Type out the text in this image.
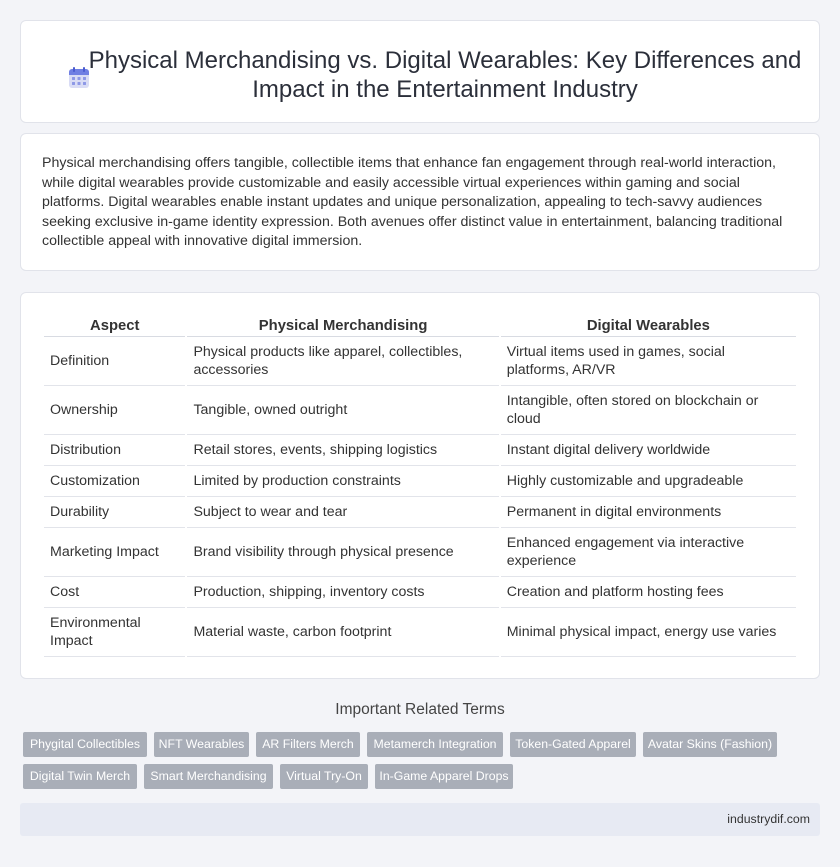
Physical Merchandising vs. Digital Wearables: Key Differences and Impact in the Entertainment Industry

Physical merchandising offers tangible, collectible items that enhance fan engagement through real-world interaction, while digital wearables provide customizable and easily accessible virtual experiences within gaming and social platforms. Digital wearables enable instant updates and unique personalization, appealing to tech-savvy audiences seeking exclusive in-game identity expression. Both avenues offer distinct value in entertainment, balancing traditional collectible appeal with innovative digital immersion.

Aspect	Physical Merchandising	Digital Wearables
Definition	Physical products like apparel, collectibles, accessories	Virtual items used in games, social platforms, AR/VR
Ownership	Tangible, owned outright	Intangible, often stored on blockchain or cloud
Distribution	Retail stores, events, shipping logistics	Instant digital delivery worldwide
Customization	Limited by production constraints	Highly customizable and upgradeable
Durability	Subject to wear and tear	Permanent in digital environments
Marketing Impact	Brand visibility through physical presence	Enhanced engagement via interactive experience
Cost	Production, shipping, inventory costs	Creation and platform hosting fees
Environmental Impact	Material waste, carbon footprint	Minimal physical impact, energy use varies
Important Related Terms
Phygital Collectibles	NFT Wearables	AR Filters Merch	Metamerch Integration	Token-Gated Apparel	Avatar Skins (Fashion)
Digital Twin Merch	Smart Merchandising	Virtual Try-On	In-Game Apparel Drops
industrydif.com
